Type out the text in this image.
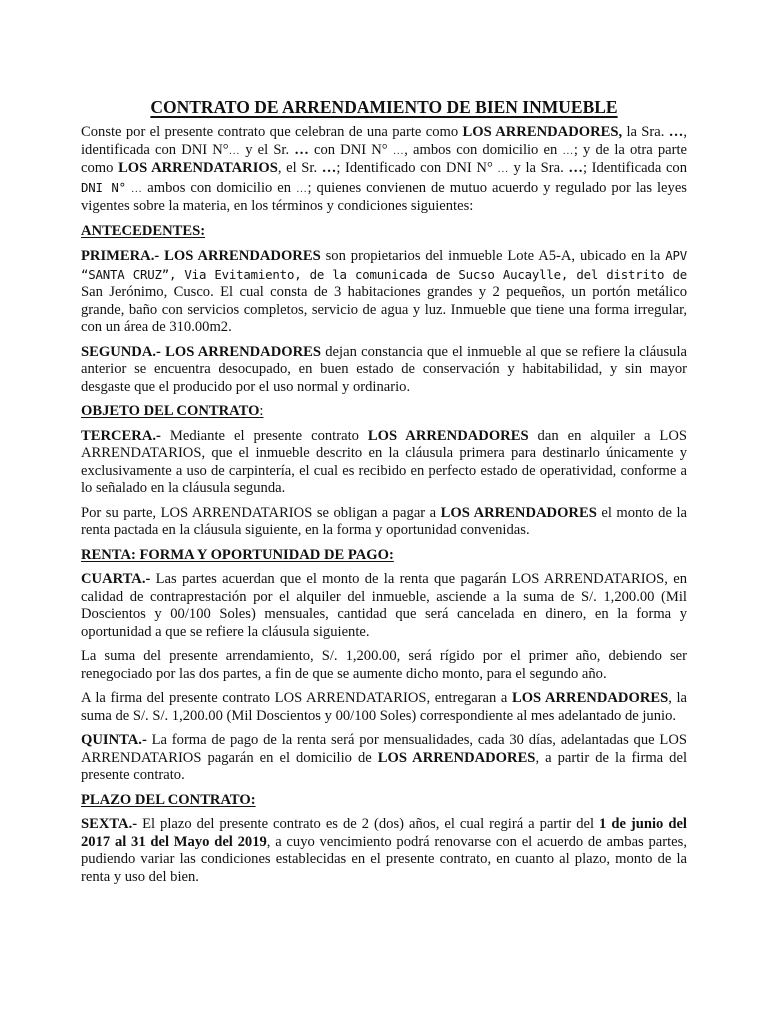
CONTRATO DE ARRENDAMIENTO DE BIEN INMUEBLE

Conste por el presente contrato que celebran de una parte como LOS ARRENDADORES, la Sra. …, identificada con DNI N°… y el Sr. … con DNI N° …, ambos con domicilio en …; y de la otra parte como LOS ARRENDATARIOS, el Sr. …; Identificado con DNI N° … y la Sra. …; Identificada con DNI N° … ambos con domicilio en …; quienes convienen de mutuo acuerdo y regulado por las leyes vigentes sobre la materia, en los términos y condiciones siguientes:

ANTECEDENTES:

PRIMERA.- LOS ARRENDADORES son propietarios del inmueble Lote A5-A, ubicado en la APV “SANTA CRUZ”, Via Evitamiento, de la comunicada de Sucso Aucaylle, del distrito de San Jerónimo, Cusco. El cual consta de 3 habitaciones grandes y 2 pequeños, un portón metálico grande, baño con servicios completos, servicio de agua y luz. Inmueble que tiene una forma irregular, con un área de 310.00m2.

SEGUNDA.- LOS ARRENDADORES dejan constancia que el inmueble al que se refiere la cláusula anterior se encuentra desocupado, en buen estado de conservación y habitabilidad, y sin mayor desgaste que el producido por el uso normal y ordinario.

OBJETO DEL CONTRATO:

TERCERA.- Mediante el presente contrato LOS ARRENDADORES dan en alquiler a LOS ARRENDATARIOS, que el inmueble descrito en la cláusula primera para destinarlo únicamente y exclusivamente a uso de carpintería, el cual es recibido en perfecto estado de operatividad, conforme a lo señalado en la cláusula segunda.

Por su parte, LOS ARRENDATARIOS se obligan a pagar a LOS ARRENDADORES el monto de la renta pactada en la cláusula siguiente, en la forma y oportunidad convenidas.

RENTA: FORMA Y OPORTUNIDAD DE PAGO:

CUARTA.- Las partes acuerdan que el monto de la renta que pagarán LOS ARRENDATARIOS, en calidad de contraprestación por el alquiler del inmueble, asciende a la suma de S/. 1,200.00 (Mil Doscientos y 00/100 Soles) mensuales, cantidad que será cancelada en dinero, en la forma y oportunidad a que se refiere la cláusula siguiente.

La suma del presente arrendamiento, S/. 1,200.00, será rígido por el primer año, debiendo ser renegociado por las dos partes, a fin de que se aumente dicho monto, para el segundo año.

A la firma del presente contrato LOS ARRENDATARIOS, entregaran a LOS ARRENDADORES, la suma de S/. S/. 1,200.00 (Mil Doscientos y 00/100 Soles) correspondiente al mes adelantado de junio.

QUINTA.- La forma de pago de la renta será por mensualidades, cada 30 días, adelantadas que LOS ARRENDATARIOS pagarán en el domicilio de LOS ARRENDADORES, a partir de la firma del presente contrato.

PLAZO DEL CONTRATO:

SEXTA.- El plazo del presente contrato es de 2 (dos) años, el cual regirá a partir del 1 de junio del 2017 al 31 del Mayo del 2019, a cuyo vencimiento podrá renovarse con el acuerdo de ambas partes, pudiendo variar las condiciones establecidas en el presente contrato, en cuanto al plazo, monto de la renta y uso del bien.
